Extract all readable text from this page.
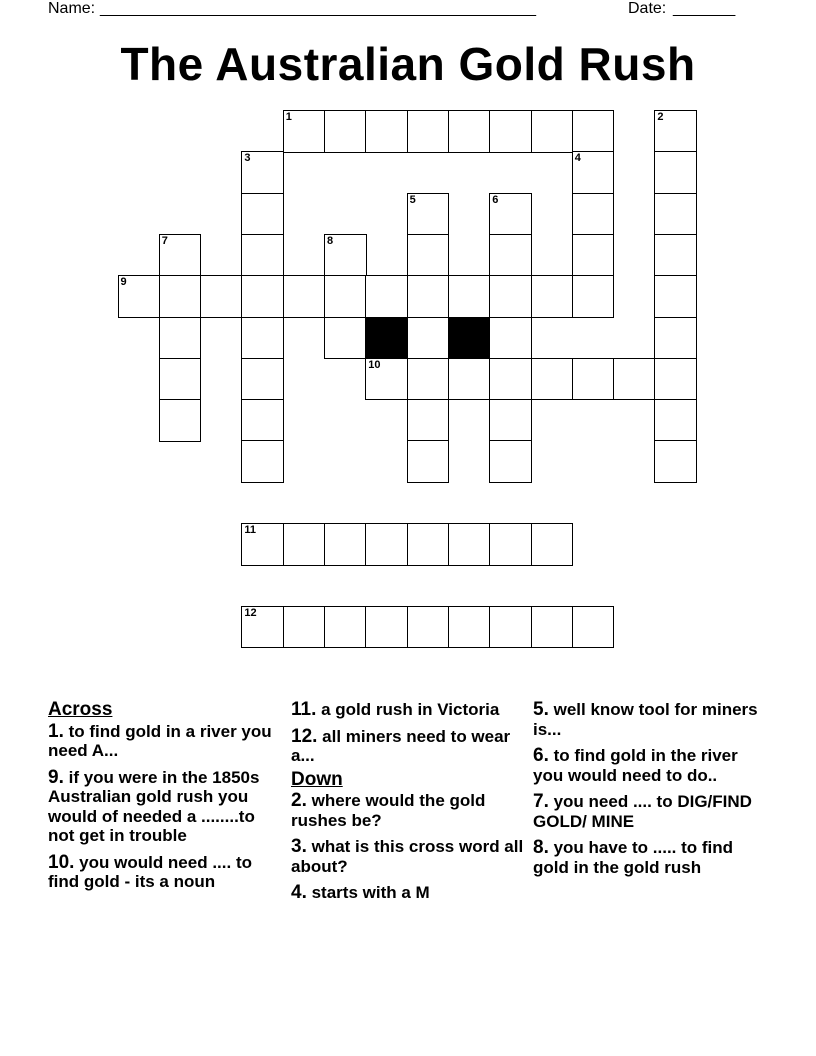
Name: _________________________________________________	Date: _______
The Australian Gold Rush
1	2
3	4
5	6
7	8
9
10
11
12
Across
1. to find gold in a river you need A...
9. if you were in the 1850s Australian gold rush you would of needed a ........to not get in trouble
10. you would need .... to find gold - its a noun
11. a gold rush in Victoria
12. all miners need to wear a...
Down
2. where would the gold rushes be?
3. what is this cross word all about?
4. starts with a M
5. well know tool for miners is...
6. to find gold in the river you would need to do..
7. you need .... to DIG/FIND GOLD/ MINE
8. you have to ..... to find gold in the gold rush
